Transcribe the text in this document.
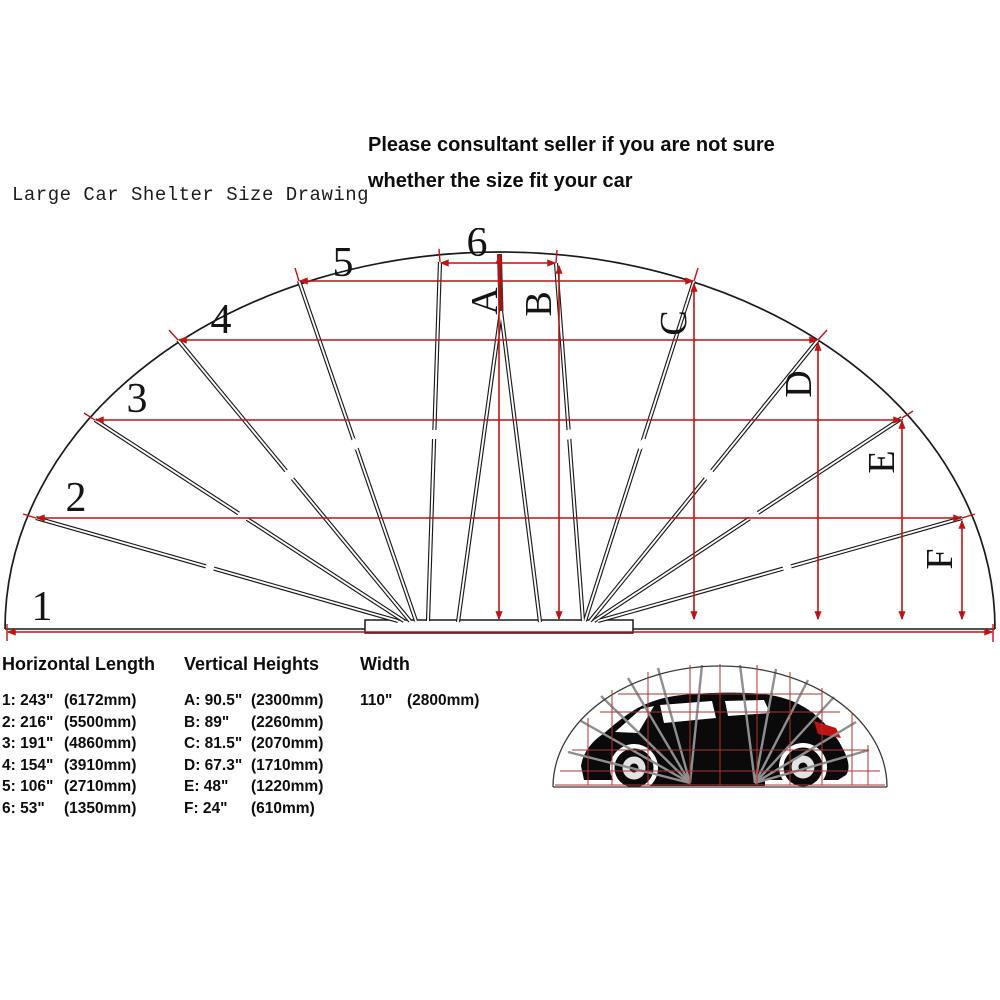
Please consultant seller if you are not sure
whether the size fit your car
Large Car Shelter Size Drawing
1
2
3
4
5	6
A B
C
D
E
F
Horizontal Length
1: 243" (6172mm)
2: 216" (5500mm)
3: 191" (4860mm)
4: 154" (3910mm)
5: 106" (2710mm)
6: 53" (1350mm)
Vertical Heights
A: 90.5" (2300mm)
B: 89" (2260mm)
C: 81.5" (2070mm)
D: 67.3" (1710mm)
E: 48" (1220mm)
F: 24" (610mm)
Width
110" (2800mm)
